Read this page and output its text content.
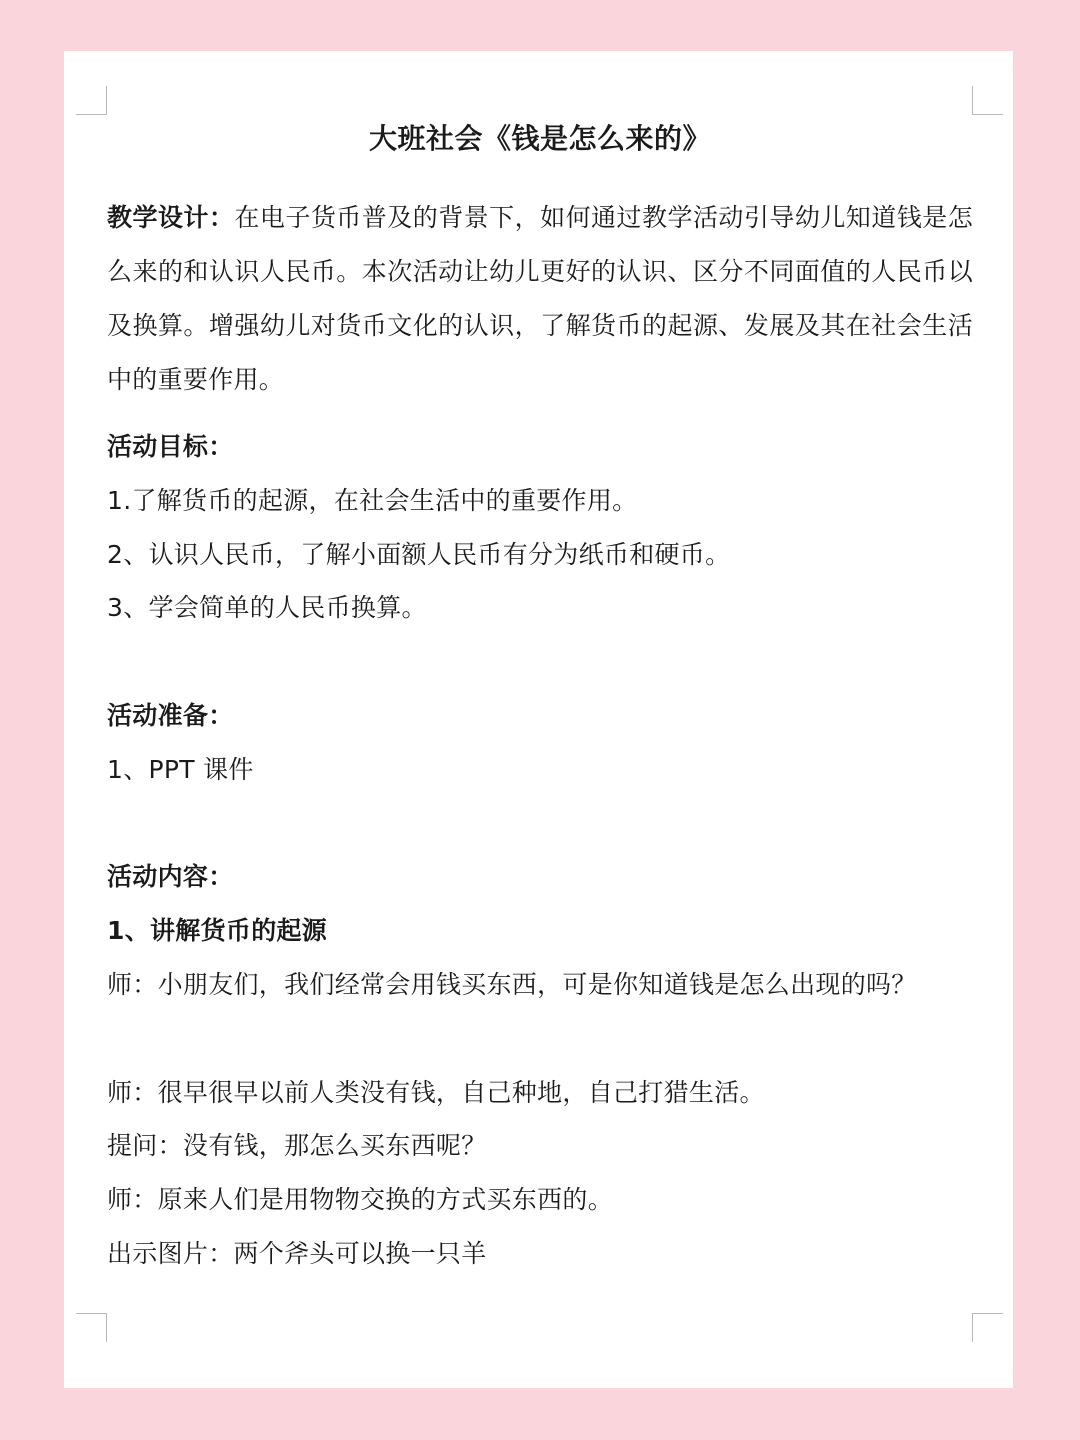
大班社会《钱是怎么来的》
教学设计：在电子货币普及的背景下，如何通过教学活动引导幼儿知道钱是怎么来的和认识人民币。本次活动让幼儿更好的认识、区分不同面值的人民币以及换算。增强幼儿对货币文化的认识，了解货币的起源、发展及其在社会生活中的重要作用。
活动目标：
1.了解货币的起源，在社会生活中的重要作用。
2、认识人民币，了解小面额人民币有分为纸币和硬币。
3、学会简单的人民币换算。
活动准备：
1、PPT 课件
活动内容：
1、讲解货币的起源
师：小朋友们，我们经常会用钱买东西，可是你知道钱是怎么出现的吗？
师：很早很早以前人类没有钱，自己种地，自己打猎生活。
提问：没有钱，那怎么买东西呢？
师：原来人们是用物物交换的方式买东西的。
出示图片：两个斧头可以换一只羊
